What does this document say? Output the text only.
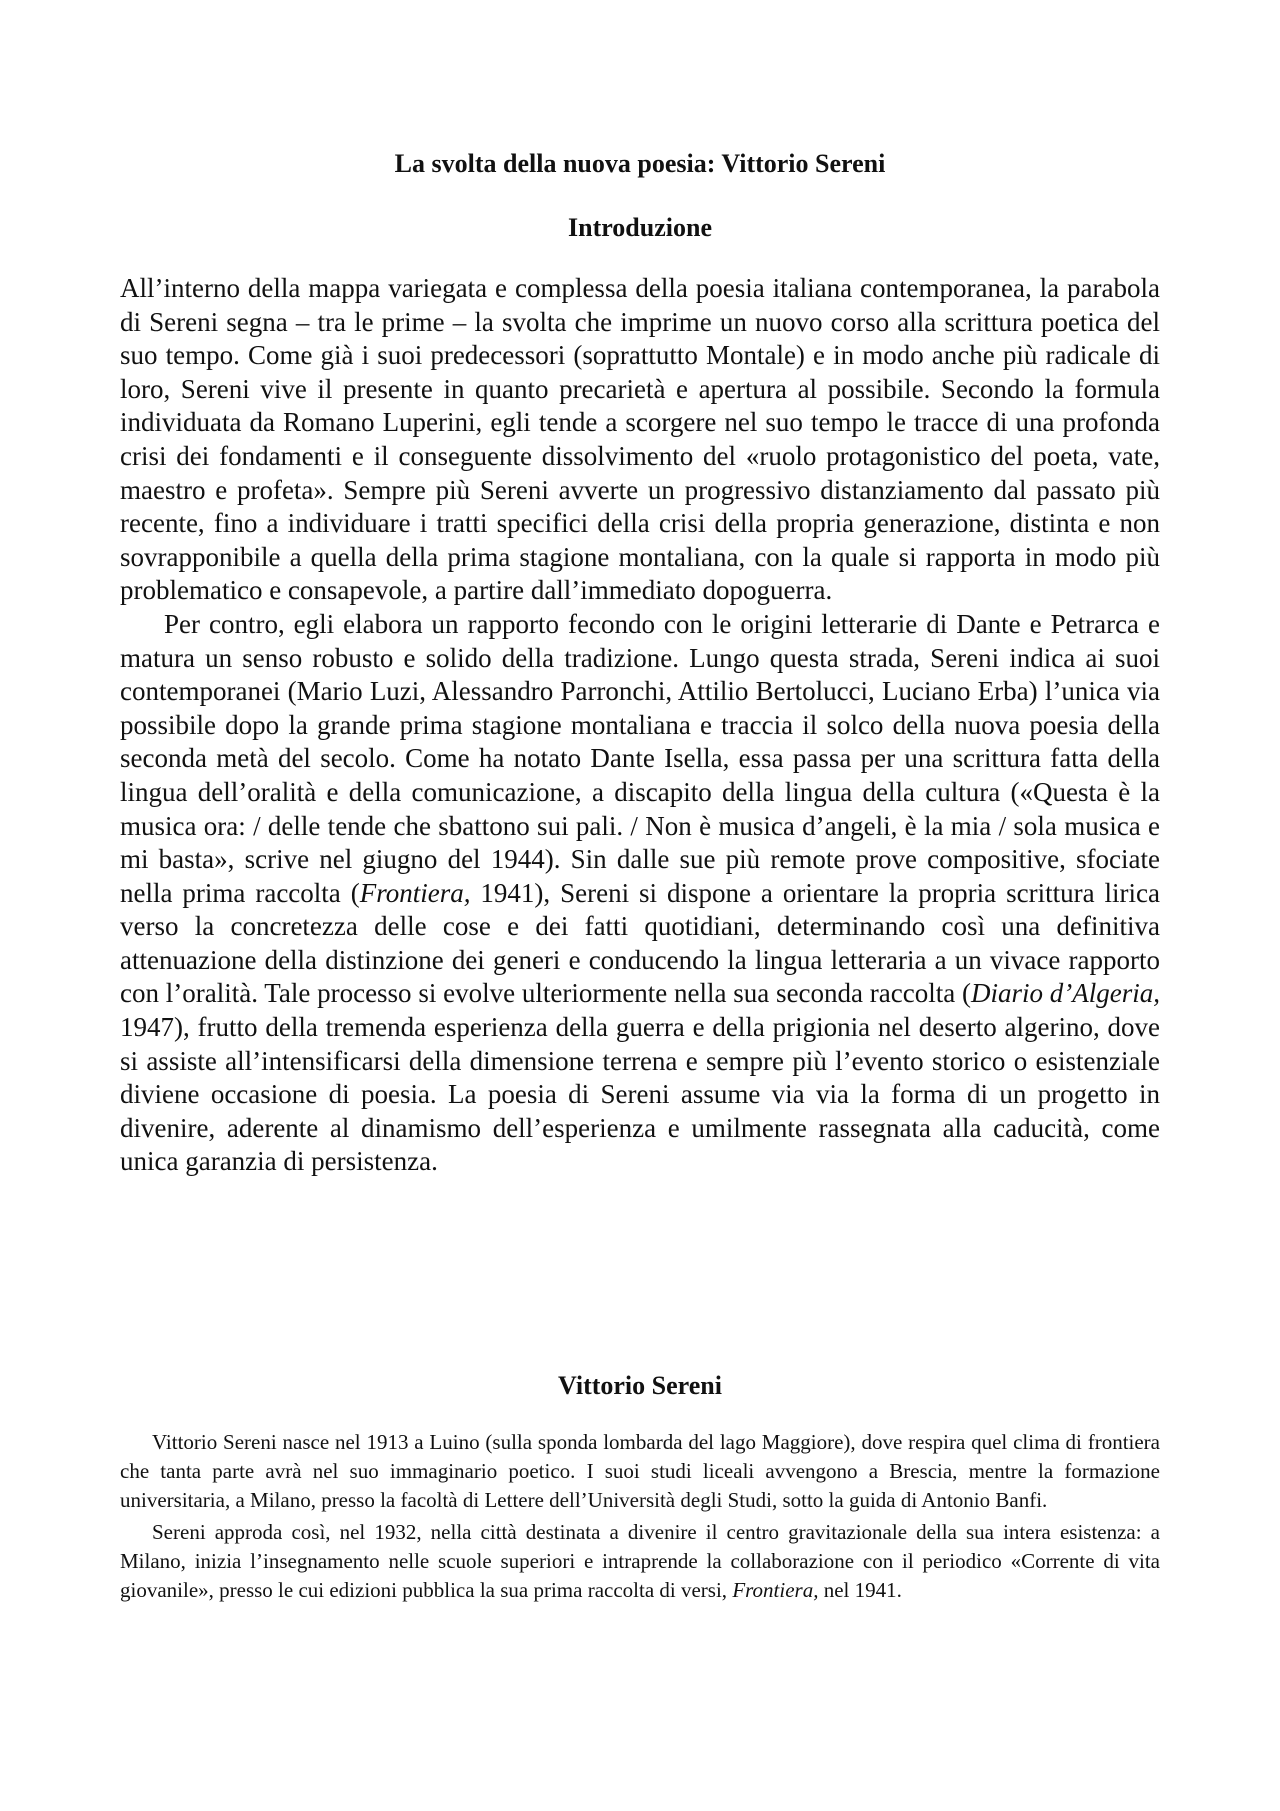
La svolta della nuova poesia: Vittorio Sereni
Introduzione

All’interno della mappa variegata e complessa della poesia italiana contemporanea, la parabola di Sereni segna – tra le prime – la svolta che imprime un nuovo corso alla scrittura poetica del suo tempo. Come già i suoi predecessori (soprattutto Montale) e in modo anche più radicale di loro, Sereni vive il presente in quanto precarietà e apertura al possibile. Secondo la formula individuata da Romano Luperini, egli tende a scorgere nel suo tempo le tracce di una profonda crisi dei fondamenti e il conseguente dissolvimento del «ruolo protagonistico del poeta, vate, maestro e profeta». Sempre più Sereni avverte un progressivo distanziamento dal passato più recente, fino a individuare i tratti specifici della crisi della propria generazione, distinta e non sovrapponibile a quella della prima stagione montaliana, con la quale si rapporta in modo più problematico e consapevole, a partire dall’immediato dopoguerra.

Per contro, egli elabora un rapporto fecondo con le origini letterarie di Dante e Petrarca e matura un senso robusto e solido della tradizione. Lungo questa strada, Sereni indica ai suoi contemporanei (Mario Luzi, Alessandro Parronchi, Attilio Bertolucci, Luciano Erba) l’unica via possibile dopo la grande prima stagione montaliana e traccia il solco della nuova poesia della seconda metà del secolo. Come ha notato Dante Isella, essa passa per una scrittura fatta della lingua dell’oralità e della comunicazione, a discapito della lingua della cultura («Questa è la musica ora: / delle tende che sbattono sui pali. / Non è musica d’angeli, è la mia / sola musica e mi basta», scrive nel giugno del 1944). Sin dalle sue più remote prove compositive, sfociate nella prima raccolta (Frontiera, 1941), Sereni si dispone a orientare la propria scrittura lirica verso la concretezza delle cose e dei fatti quotidiani, determinando così una definitiva attenuazione della distinzione dei generi e conducendo la lingua letteraria a un vivace rapporto con l’oralità. Tale processo si evolve ulteriormente nella sua seconda raccolta (Diario d’Algeria, 1947), frutto della tremenda esperienza della guerra e della prigionia nel deserto algerino, dove si assiste all’intensificarsi della dimensione terrena e sempre più l’evento storico o esistenziale diviene occasione di poesia. La poesia di Sereni assume via via la forma di un progetto in divenire, aderente al dinamismo dell’esperienza e umilmente rassegnata alla caducità, come unica garanzia di persistenza.

Vittorio Sereni

Vittorio Sereni nasce nel 1913 a Luino (sulla sponda lombarda del lago Maggiore), dove respira quel clima di frontiera che tanta parte avrà nel suo immaginario poetico. I suoi studi liceali avvengono a Brescia, mentre la formazione universitaria, a Milano, presso la facoltà di Lettere dell’Università degli Studi, sotto la guida di Antonio Banfi.

Sereni approda così, nel 1932, nella città destinata a divenire il centro gravitazionale della sua intera esistenza: a Milano, inizia l’insegnamento nelle scuole superiori e intraprende la collaborazione con il periodico «Corrente di vita giovanile», presso le cui edizioni pubblica la sua prima raccolta di versi, Frontiera, nel 1941.
